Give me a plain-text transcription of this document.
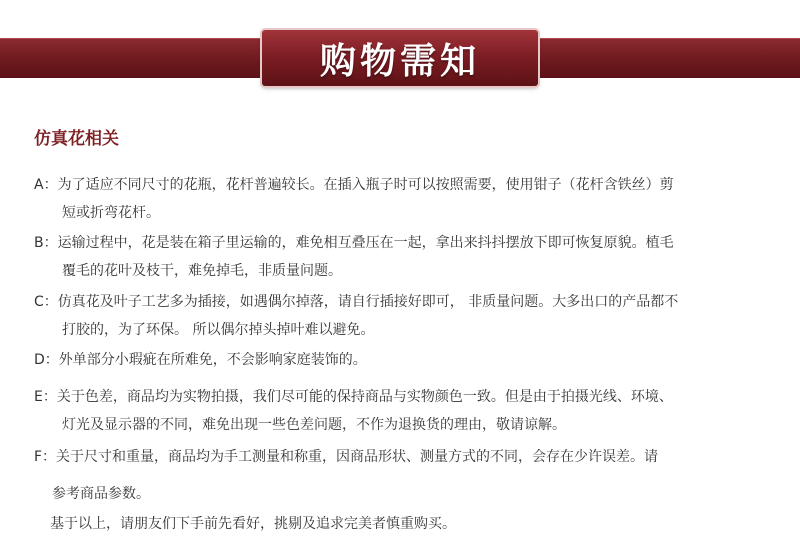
购物需知
仿真花相关
A：为了适应不同尺寸的花瓶，花杆普遍较长。在插入瓶子时可以按照需要，使用钳子（花杆含铁丝）剪
短或折弯花杆。
B：运输过程中，花是装在箱子里运输的，难免相互叠压在一起，拿出来抖抖摆放下即可恢复原貌。植毛
覆毛的花叶及枝干，难免掉毛，非质量问题。
C：仿真花及叶子工艺多为插接，如遇偶尔掉落，请自行插接好即可， 非质量问题。大多出口的产品都不
打胶的，为了环保。 所以偶尔掉头掉叶难以避免。
D：外单部分小瑕疵在所难免，不会影响家庭装饰的。
E：关于色差，商品均为实物拍摄，我们尽可能的保持商品与实物颜色一致。但是由于拍摄光线、环境、
灯光及显示器的不同，难免出现一些色差问题，不作为退换货的理由，敬请谅解。
F：关于尺寸和重量，商品均为手工测量和称重，因商品形状、测量方式的不同，会存在少许误差。请
参考商品参数。
基于以上，请朋友们下手前先看好，挑剔及追求完美者慎重购买。
